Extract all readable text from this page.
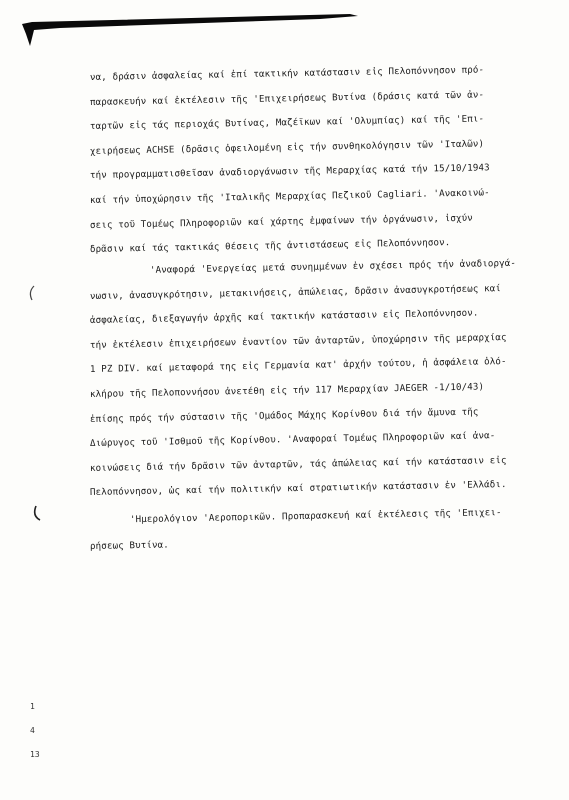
να, δράσιν ἀσφαλείας καί ἐπί τακτικήν κατάστασιν εἰς Πελοπόννησον πρό-
παρασκευήν καί ἐκτέλεσιν τῆς 'Επιχειρήσεως Βυτίνα (δράσις κατά τῶν ἀν-
ταρτῶν εἰς τάς περιοχάς Βυτίνας, Μαζέϊκων καί 'Ολυμπίας) καί τῆς 'Επι-
χειρήσεως ACHSE (δρᾶσις ὀφειλομένη εἰς τήν συνθηκολόγησιν τῶν 'Ιταλῶν)
τήν προγραμματισθεῖσαν ἀναδιοργάνωσιν τῆς Μεραρχίας κατά τήν 15/10/1943
καί τήν ὑποχώρησιν τῆς 'Ιταλικῆς Μεραρχίας Πεζικοῦ Cagliari. 'Ανακοινώ-
σεις τοῦ Τομέως Πληροφοριῶν καί χάρτης ἐμφαίνων τήν ὀργάνωσιν, ἰσχύν
δρᾶσιν καί τάς τακτικάς θέσεις τῆς ἀντιστάσεως εἰς Πελοπόννησον.
'Αναφορά 'Ενεργείας μετά συνημμένων ἐν σχέσει πρός τήν ἀναδιοργά-
νωσιν, ἀνασυγκρότησιν, μετακινήσεις, ἀπώλειας, δρᾶσιν ἀνασυγκροτήσεως καί
ἀσφαλείας, διεξαγωγήν ἀρχῆς καί τακτικήν κατάστασιν εἰς Πελοπόννησον.
τήν ἐκτέλεσιν ἐπιχειρήσεων ἐναντίον τῶν ἀνταρτῶν, ὑποχώρησιν τῆς μεραρχίας
1 PZ DIV. καί μεταφορά της εἰς Γερμανία κατ' ἀρχήν τούτου, ἡ ἀσφάλεια ὁλό-
κλήρου τῆς Πελοποννήσου ἀνετέθη εἰς τήν 117 Μεραρχίαν JAEGER -1/10/43)
ἐπίσης πρός τήν σύστασιν τῆς 'Ομάδος Μάχης Κορίνθου διά τήν ἄμυνα τῆς
Διώρυγος τοῦ 'Ισθμοῦ τῆς Κορίνθου. 'Αναφοραί Τομέως Πληροφοριῶν καί ἀνα-
κοινώσεις διά τήν δρᾶσιν τῶν ἀνταρτῶν, τάς ἀπώλειας καί τήν κατάστασιν εἰς
Πελοπόννησον, ὡς καί τήν πολιτικήν καί στρατιωτικήν κατάστασιν ἐν 'Ελλάδι.
'Ημερολόγιον 'Αεροπορικῶν. Προπαρασκευή καί ἐκτέλεσις τῆς 'Επιχει-
ρήσεως Βυτίνα.
1
4
13
